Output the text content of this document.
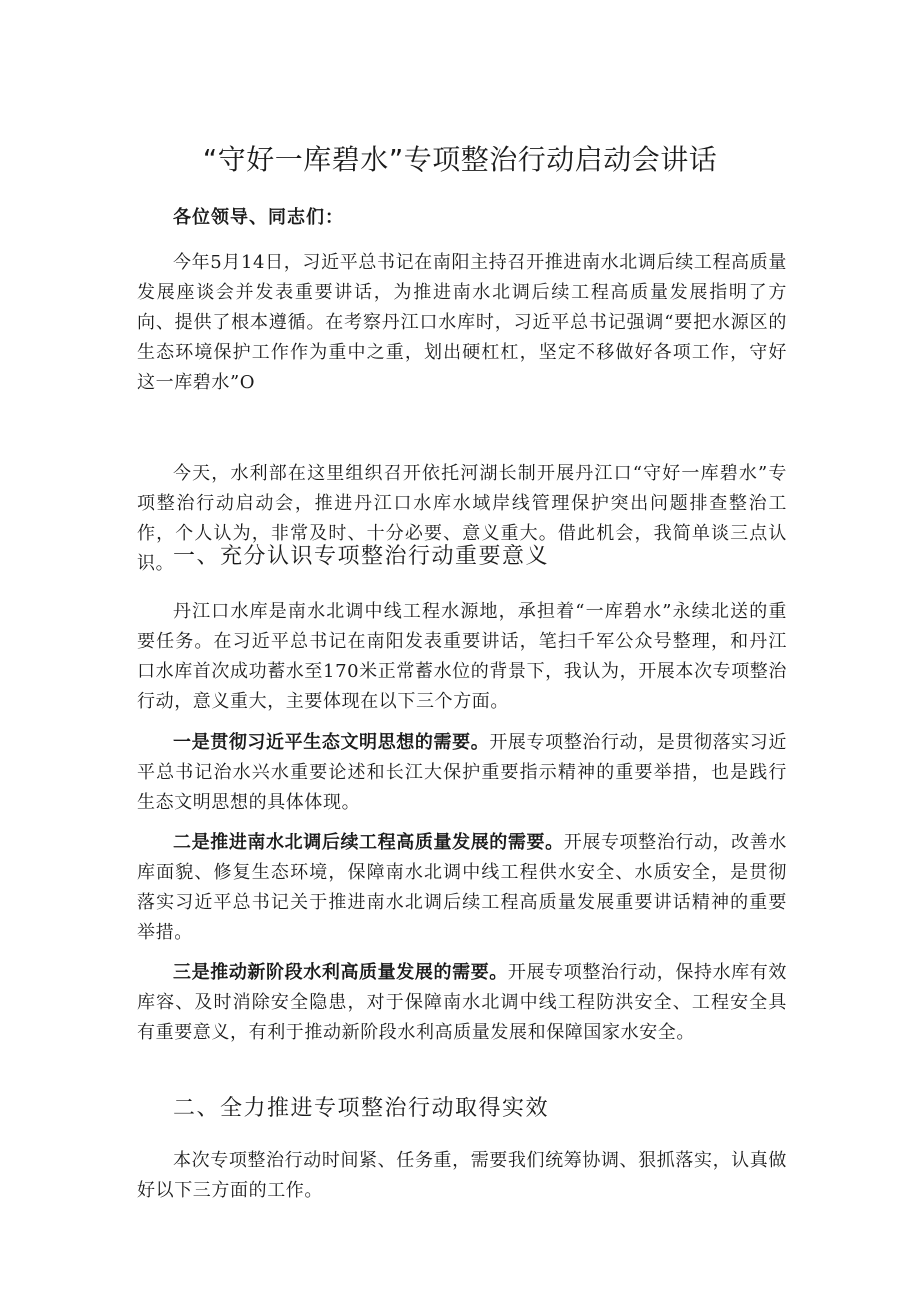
“守好一库碧水”专项整治行动启动会讲话

各位领导、同志们：

今年5月14日，习近平总书记在南阳主持召开推进南水北调后续工程高质量发展座谈会并发表重要讲话，为推进南水北调后续工程高质量发展指明了方向、提供了根本遵循。在考察丹江口水库时，习近平总书记强调“要把水源区的生态环境保护工作作为重中之重，划出硬杠杠，坚定不移做好各项工作，守好这一库碧水”O

今天，水利部在这里组织召开依托河湖长制开展丹江口“守好一库碧水”专项整治行动启动会，推进丹江口水库水域岸线管理保护突出问题排查整治工作，个人认为，非常及时、十分必要、意义重大。借此机会，我简单谈三点认识。

一、充分认识专项整治行动重要意义

丹江口水库是南水北调中线工程水源地，承担着“一库碧水”永续北送的重要任务。在习近平总书记在南阳发表重要讲话，笔扫千军公众号整理，和丹江口水库首次成功蓄水至170米正常蓄水位的背景下，我认为，开展本次专项整治行动，意义重大，主要体现在以下三个方面。

一是贯彻习近平生态文明思想的需要。开展专项整治行动，是贯彻落实习近平总书记治水兴水重要论述和长江大保护重要指示精神的重要举措，也是践行生态文明思想的具体体现。

二是推进南水北调后续工程高质量发展的需要。开展专项整治行动，改善水库面貌、修复生态环境，保障南水北调中线工程供水安全、水质安全，是贯彻落实习近平总书记关于推进南水北调后续工程高质量发展重要讲话精神的重要举措。

三是推动新阶段水利高质量发展的需要。开展专项整治行动，保持水库有效库容、及时消除安全隐患，对于保障南水北调中线工程防洪安全、工程安全具有重要意义，有利于推动新阶段水利高质量发展和保障国家水安全。

二、全力推进专项整治行动取得实效

本次专项整治行动时间紧、任务重，需要我们统筹协调、狠抓落实，认真做好以下三方面的工作。
